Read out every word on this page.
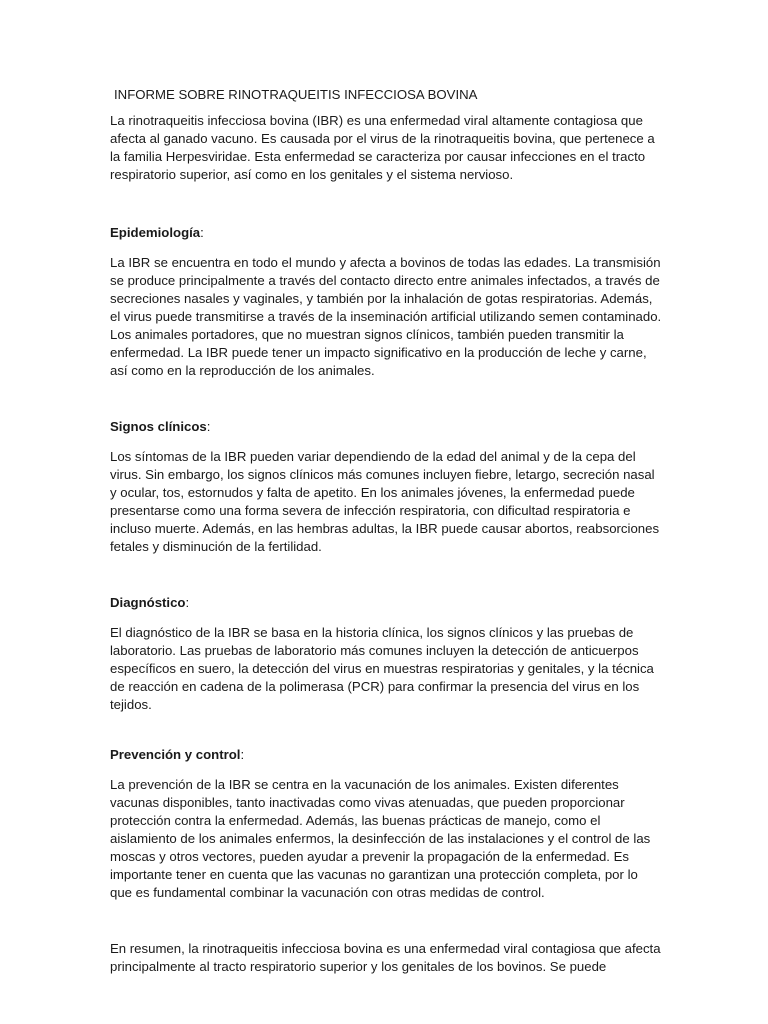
INFORME SOBRE RINOTRAQUEITIS INFECCIOSA BOVINA

La rinotraqueitis infecciosa bovina (IBR) es una enfermedad viral altamente contagiosa que afecta al ganado vacuno. Es causada por el virus de la rinotraqueitis bovina, que pertenece a la familia Herpesviridae. Esta enfermedad se caracteriza por causar infecciones en el tracto respiratorio superior, así como en los genitales y el sistema nervioso.

Epidemiología:

La IBR se encuentra en todo el mundo y afecta a bovinos de todas las edades. La transmisión se produce principalmente a través del contacto directo entre animales infectados, a través de secreciones nasales y vaginales, y también por la inhalación de gotas respiratorias. Además, el virus puede transmitirse a través de la inseminación artificial utilizando semen contaminado. Los animales portadores, que no muestran signos clínicos, también pueden transmitir la enfermedad. La IBR puede tener un impacto significativo en la producción de leche y carne, así como en la reproducción de los animales.

Signos clínicos:

Los síntomas de la IBR pueden variar dependiendo de la edad del animal y de la cepa del virus. Sin embargo, los signos clínicos más comunes incluyen fiebre, letargo, secreción nasal y ocular, tos, estornudos y falta de apetito. En los animales jóvenes, la enfermedad puede presentarse como una forma severa de infección respiratoria, con dificultad respiratoria e incluso muerte. Además, en las hembras adultas, la IBR puede causar abortos, reabsorciones fetales y disminución de la fertilidad.

Diagnóstico:

El diagnóstico de la IBR se basa en la historia clínica, los signos clínicos y las pruebas de laboratorio. Las pruebas de laboratorio más comunes incluyen la detección de anticuerpos específicos en suero, la detección del virus en muestras respiratorias y genitales, y la técnica de reacción en cadena de la polimerasa (PCR) para confirmar la presencia del virus en los tejidos.

Prevención y control:

La prevención de la IBR se centra en la vacunación de los animales. Existen diferentes vacunas disponibles, tanto inactivadas como vivas atenuadas, que pueden proporcionar protección contra la enfermedad. Además, las buenas prácticas de manejo, como el aislamiento de los animales enfermos, la desinfección de las instalaciones y el control de las moscas y otros vectores, pueden ayudar a prevenir la propagación de la enfermedad. Es importante tener en cuenta que las vacunas no garantizan una protección completa, por lo que es fundamental combinar la vacunación con otras medidas de control.

En resumen, la rinotraqueitis infecciosa bovina es una enfermedad viral contagiosa que afecta principalmente al tracto respiratorio superior y los genitales de los bovinos. Se puede
